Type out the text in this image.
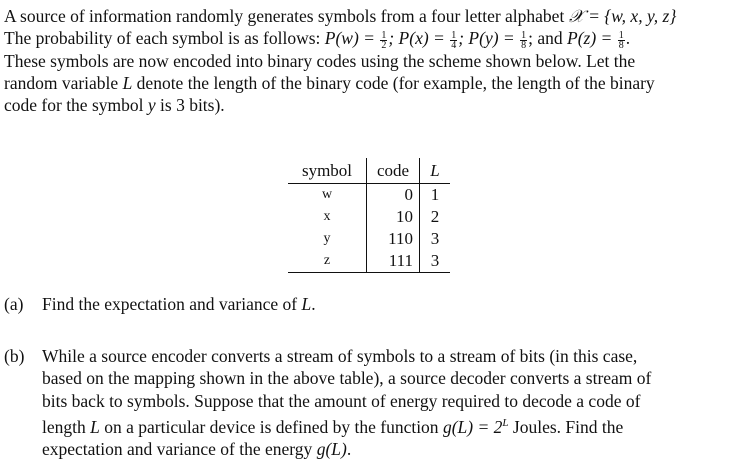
A source of information randomly generates symbols from a four letter alphabet 𝒳 = {w, x, y, z}
The probability of each symbol is as follows: $P(w) = \frac{1}{2}$ ; $P(x) = \frac{1}{4}$ ; $P(y) = \frac{1}{8}$ ; and $P(z) = \frac{1}{8}$ .
These symbols are now encoded into binary codes using the scheme shown below. Let the
random variable L denote the length of the binary code (for example, the length of the binary
code for the symbol y is 3 bits).
symbol	code	L
w	0	1
x	10	2
y	110	3
z	111	3
(a) Find the expectation and variance of L.
(b) While a source encoder converts a stream of symbols to a stream of bits (in this case,
based on the mapping shown in the above table), a source decoder converts a stream of
bits back to symbols. Suppose that the amount of energy required to decode a code of
length L on a particular device is defined by the function $g(L) = 2^L$ Joules. Find the
expectation and variance of the energy g(L).
